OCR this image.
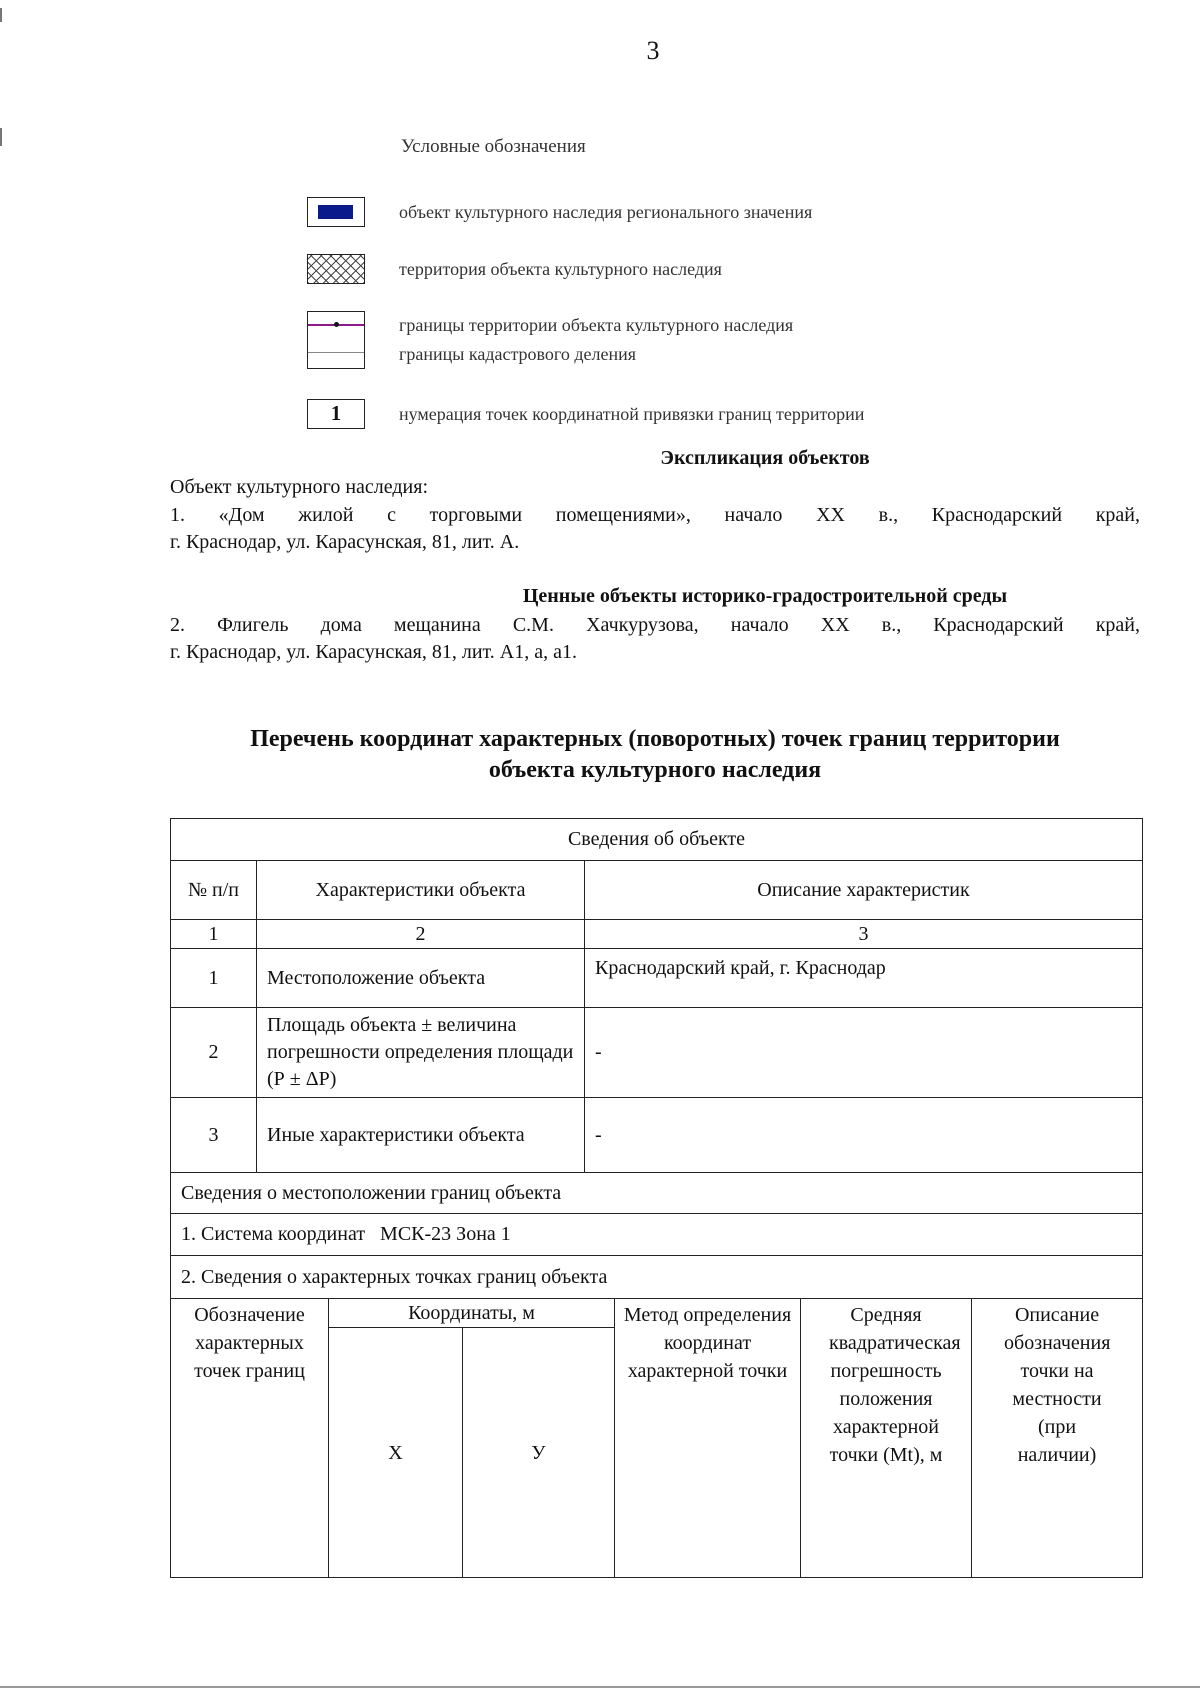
3
Условные обозначения
объект культурного наследия регионального значения
территория объекта культурного наследия
границы территории объекта культурного наследия
границы кадастрового деления
1	нумерация точек координатной привязки границ территории
Экспликация объектов
Объект культурного наследия:
1. «Дом жилой с торговыми помещениями», начало XX в., Краснодарский край,
г. Краснодар, ул. Карасунская, 81, лит. А.
Ценные объекты историко-градостроительной среды
2. Флигель дома мещанина С.М. Хачкурузова, начало XX в., Краснодарский край,
г. Краснодар, ул. Карасунская, 81, лит. А1, а, а1.
Перечень координат характерных (поворотных) точек границ территории
объекта культурного наследия
Сведения об объекте		
№ п/п	Характеристики объекта	Описание характеристик
1	2	3
1	Местоположение объекта	Краснодарский край, г. Краснодар
2	Площадь объекта ± величина погрешности определения площади (Р ± ΔР)	-
3	Иные характеристики объекта	-
Сведения о местоположении границ объекта		
1. Система координат   МСК-23 Зона 1		
2. Сведения о характерных точках границ объекта		
Обозначение характерных точек границ	Координаты, м		Метод определения координат характерной точки	Средняя квадратическая погрешность положения характерной точки (Mt), м	Описание обозначения точки на местности (при наличии)
	Х	У			
